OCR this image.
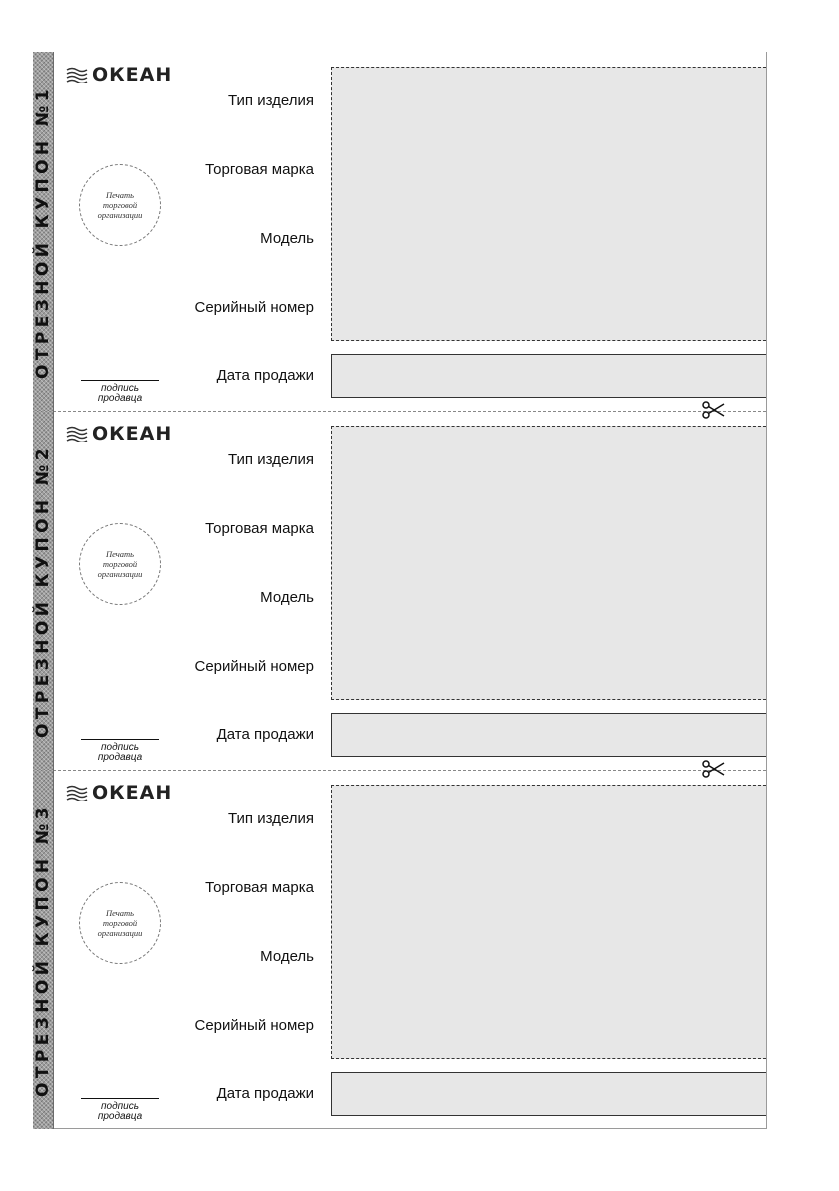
ОТРЕЗНОЙ КУПОН №1
ОКЕАН
Тип изделия
Торговая марка
Модель
Серийный номер
Дата продажи
Печать
торговой
организации
подпись
продавца
ОТРЕЗНОЙ КУПОН №2
ОКЕАН
Тип изделия
Торговая марка
Модель
Серийный номер
Дата продажи
Печать
торговой
организации
подпись
продавца
ОТРЕЗНОЙ КУПОН №3
ОКЕАН
Тип изделия
Торговая марка
Модель
Серийный номер
Дата продажи
Печать
торговой
организации
подпись
продавца
